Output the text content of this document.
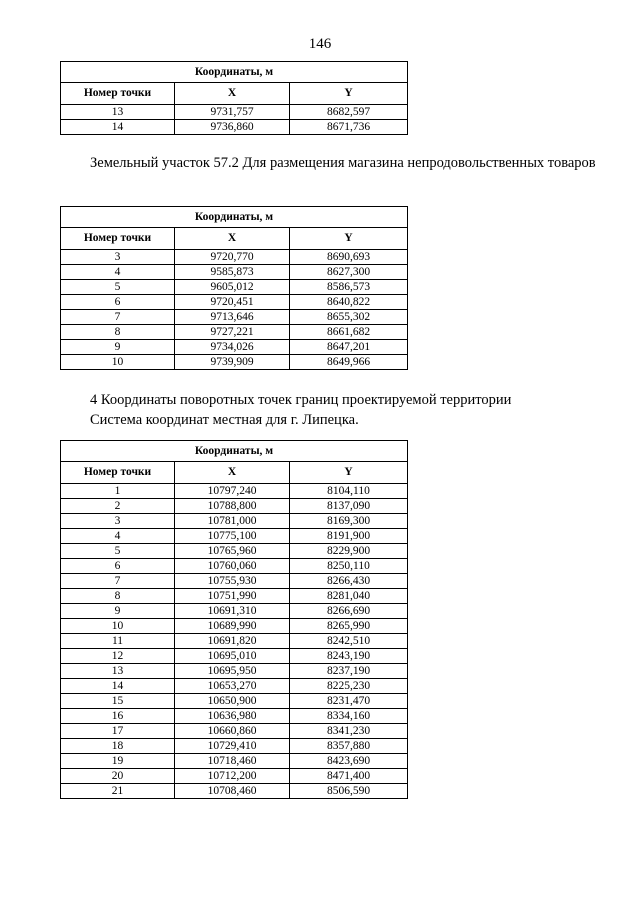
146
Координаты, м		
Номер точки	X	Y
13	9731,757	8682,597
14	9736,860	8671,736
Земельный участок 57.2 Для размещения магазина непродовольственных товаров
Координаты, м		
Номер точки	X	Y
3	9720,770	8690,693
4	9585,873	8627,300
5	9605,012	8586,573
6	9720,451	8640,822
7	9713,646	8655,302
8	9727,221	8661,682
9	9734,026	8647,201
10	9739,909	8649,966
4 Координаты поворотных точек границ проектируемой территории
Система координат местная для г. Липецка.
Координаты, м		
Номер точки	X	Y
1	10797,240	8104,110
2	10788,800	8137,090
3	10781,000	8169,300
4	10775,100	8191,900
5	10765,960	8229,900
6	10760,060	8250,110
7	10755,930	8266,430
8	10751,990	8281,040
9	10691,310	8266,690
10	10689,990	8265,990
11	10691,820	8242,510
12	10695,010	8243,190
13	10695,950	8237,190
14	10653,270	8225,230
15	10650,900	8231,470
16	10636,980	8334,160
17	10660,860	8341,230
18	10729,410	8357,880
19	10718,460	8423,690
20	10712,200	8471,400
21	10708,460	8506,590
